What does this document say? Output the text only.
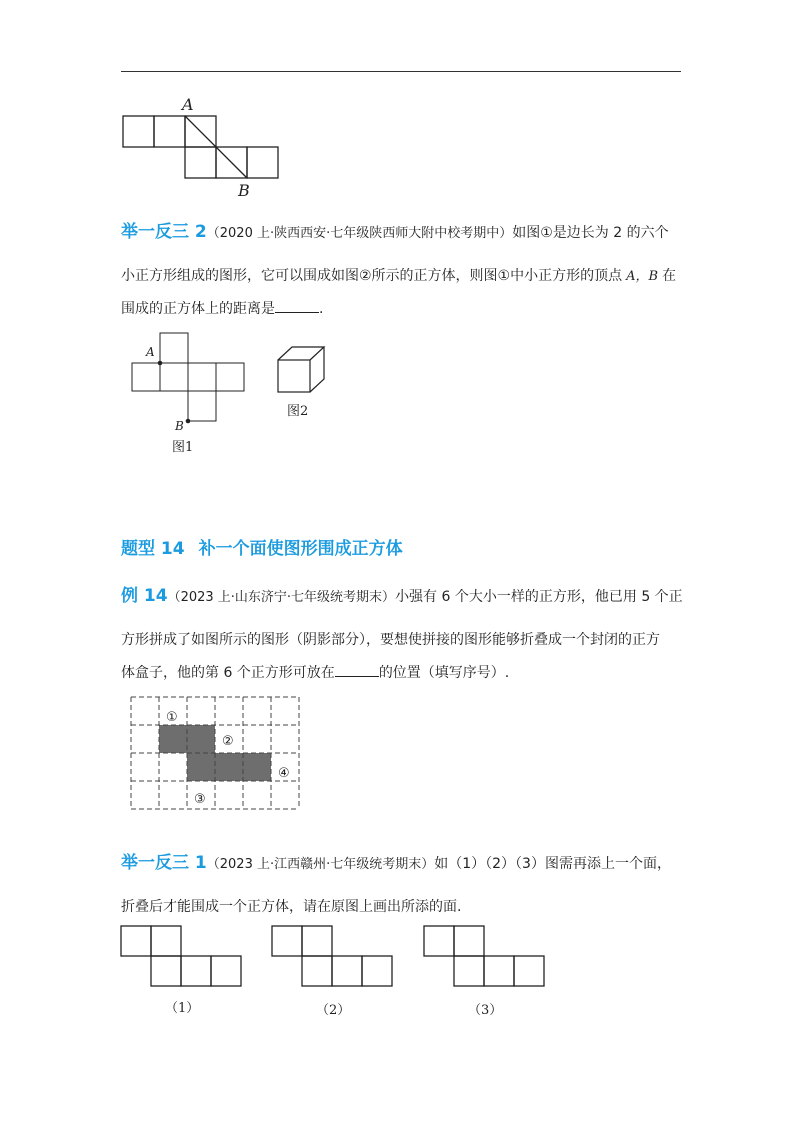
A
B
举一反三 2（2020 上·陕西西安·七年级陕西师大附中校考期中）如图①是边长为 2 的六个
小正方形组成的图形，它可以围成如图②所示的正方体，则图①中小正方形的顶点 A，B 在
围成的正方体上的距离是	.
A
B
图1
图2
题型 14 补一个面使图形围成正方体
例 14（2023 上·山东济宁·七年级统考期末）小强有 6 个大小一样的正方形，他已用 5 个正
方形拼成了如图所示的图形（阴影部分），要想使拼接的图形能够折叠成一个封闭的正方
体盒子，他的第 6 个正方形可放在	的位置（填写序号）.
①
②
③
④
举一反三 1（2023 上·江西赣州·七年级统考期末）如（1）（2）（3）图需再添上一个面，
折叠后才能围成一个正方体，请在原图上画出所添的面.
（1）	（2）	（3）
